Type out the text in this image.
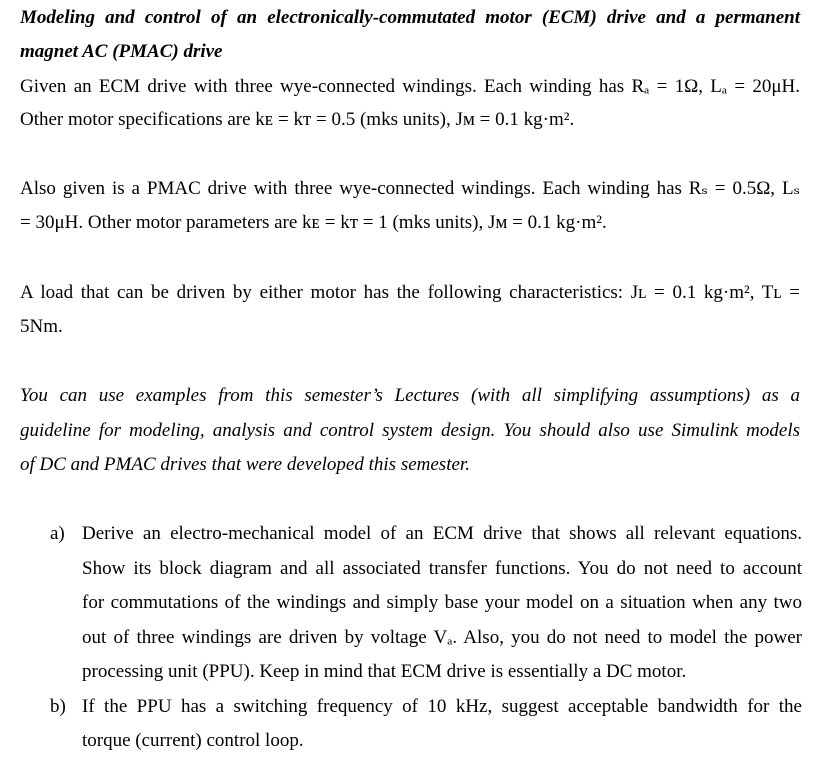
Modeling and control of an electronically-commutated motor (ECM) drive and a permanent
magnet AC (PMAC) drive
Given an ECM drive with three wye-connected windings. Each winding has Rₐ = 1Ω, Lₐ = 20μH.
Other motor specifications are kᴇ = kᴛ = 0.5 (mks units), Jᴍ = 0.1 kg·m².
Also given is a PMAC drive with three wye-connected windings. Each winding has Rₛ = 0.5Ω, Lₛ
= 30μH. Other motor parameters are kᴇ = kᴛ = 1 (mks units), Jᴍ = 0.1 kg·m².
A load that can be driven by either motor has the following characteristics: Jʟ = 0.1 kg·m², Tʟ =
5Nm.
You can use examples from this semester’s Lectures (with all simplifying assumptions) as a
guideline for modeling, analysis and control system design. You should also use Simulink models
of DC and PMAC drives that were developed this semester.
a) Derive an electro-mechanical model of an ECM drive that shows all relevant equations.
Show its block diagram and all associated transfer functions. You do not need to account
for commutations of the windings and simply base your model on a situation when any two
out of three windings are driven by voltage Vₐ. Also, you do not need to model the power
processing unit (PPU). Keep in mind that ECM drive is essentially a DC motor.
b) If the PPU has a switching frequency of 10 kHz, suggest acceptable bandwidth for the
torque (current) control loop.
